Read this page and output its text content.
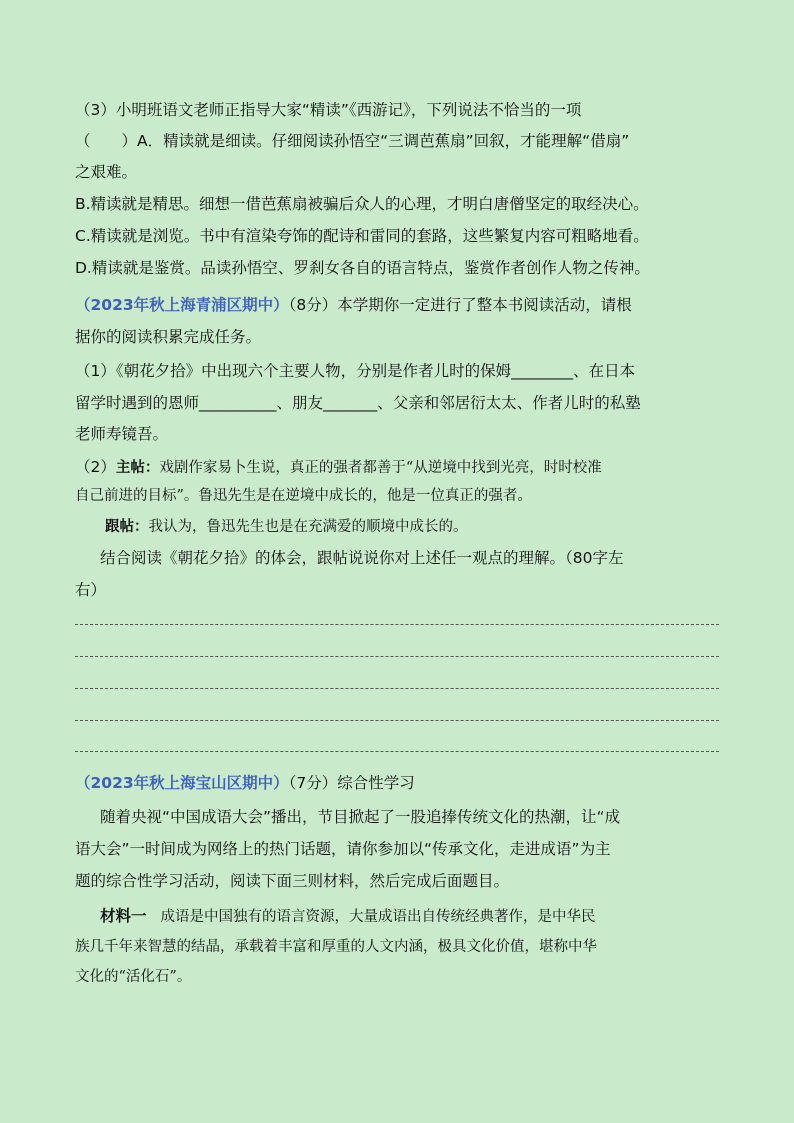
（3）小明班语文老师正指导大家“精读”《西游记》，下列说法不恰当的一项
（　　）A．精读就是细读。仔细阅读孙悟空“三调芭蕉扇”回叙，才能理解“借扇”
之艰难。
B.精读就是精思。细想一借芭蕉扇被骗后众人的心理，才明白唐僧坚定的取经决心。
C.精读就是浏览。书中有渲染夸饰的配诗和雷同的套路，这些繁复内容可粗略地看。
D.精读就是鉴赏。品读孙悟空、罗刹女各自的语言特点，鉴赏作者创作人物之传神。
（2023年秋上海青浦区期中）（8分）本学期你一定进行了整本书阅读活动，请根
据你的阅读积累完成任务。
（1）《朝花夕拾》中出现六个主要人物，分别是作者儿时的保姆________、在日本
留学时遇到的恩师__________、朋友_______、父亲和邻居衍太太、作者儿时的私塾
老师寿镜吾。
（2）主帖：戏剧作家易卜生说，真正的强者都善于“从逆境中找到光亮，时时校准
自己前进的目标”。鲁迅先生是在逆境中成长的，他是一位真正的强者。
跟帖：我认为，鲁迅先生也是在充满爱的顺境中成长的。
结合阅读《朝花夕拾》的体会，跟帖说说你对上述任一观点的理解。（80字左
右）
（2023年秋上海宝山区期中）（7分）综合性学习
随着央视“中国成语大会”播出，节目掀起了一股追捧传统文化的热潮，让“成
语大会”一时间成为网络上的热门话题，请你参加以“传承文化，走进成语”为主
题的综合性学习活动，阅读下面三则材料，然后完成后面题目。
材料一 成语是中国独有的语言资源，大量成语出自传统经典著作，是中华民
族几千年来智慧的结晶，承载着丰富和厚重的人文内涵，极具文化价值，堪称中华
文化的“活化石”。
